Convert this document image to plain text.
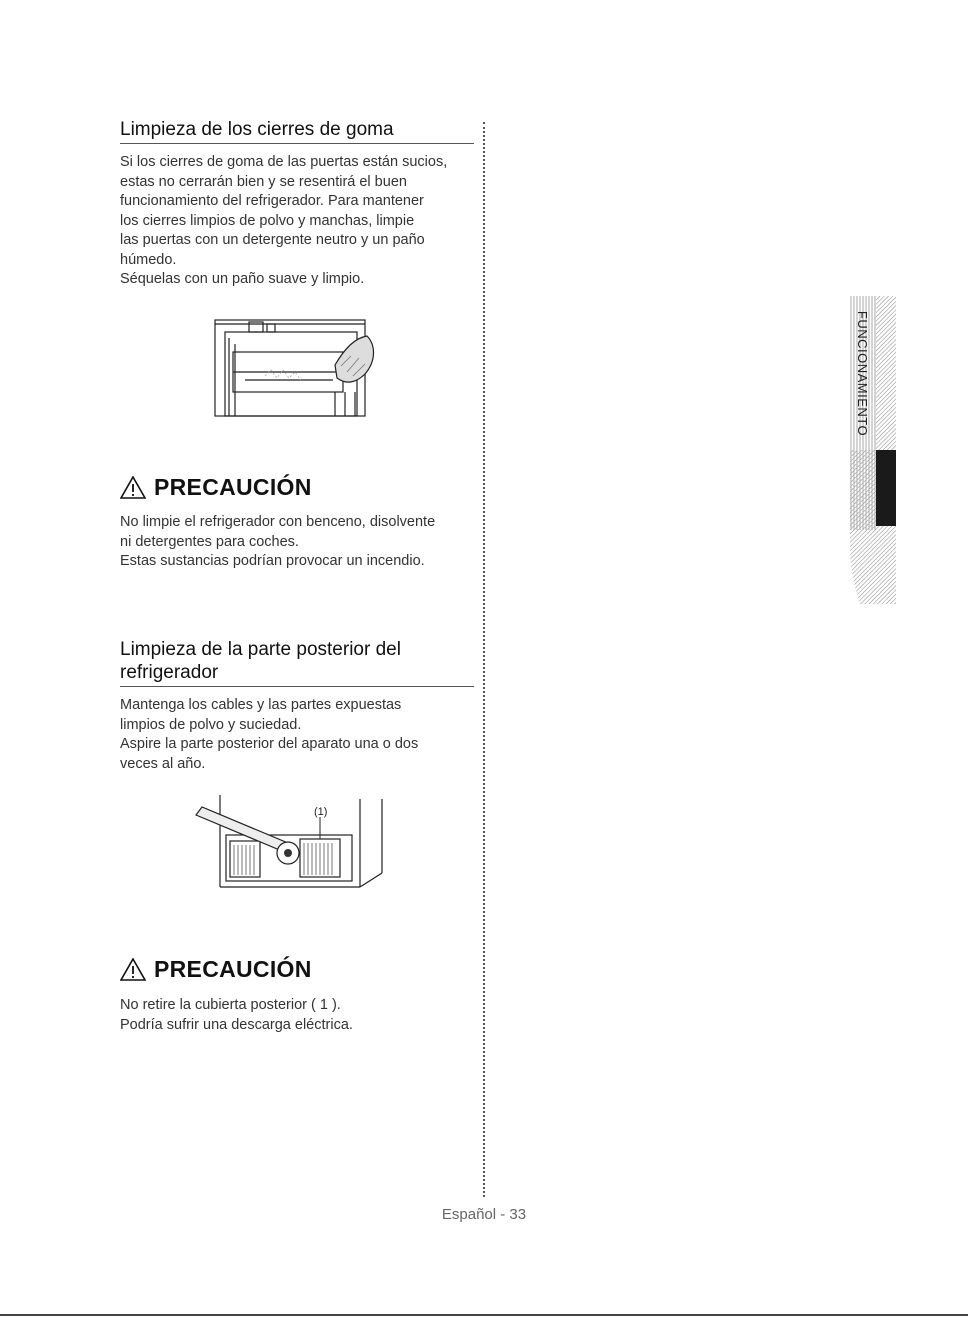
Limpieza de los cierres de goma

Si los cierres de goma de las puertas están sucios,

estas no cerrarán bien y se resentirá el buen

funcionamiento del refrigerador. Para mantener

los cierres limpios de polvo y manchas, limpie

las puertas con un detergente neutro y un paño

húmedo.

Séquelas con un paño suave y limpio.

PRECAUCIÓN

No limpie el refrigerador con benceno, disolvente

ni detergentes para coches.

Estas sustancias podrían provocar un incendio.

Limpieza de la parte posterior del
refrigerador

Mantenga los cables y las partes expuestas

limpios de polvo y suciedad.

Aspire la parte posterior del aparato una o dos

veces al año.

(1)
PRECAUCIÓN

No retire la cubierta posterior ( 1 ).

Podría sufrir una descarga eléctrica.

FUNCIONAMIENTO
Español - 33
